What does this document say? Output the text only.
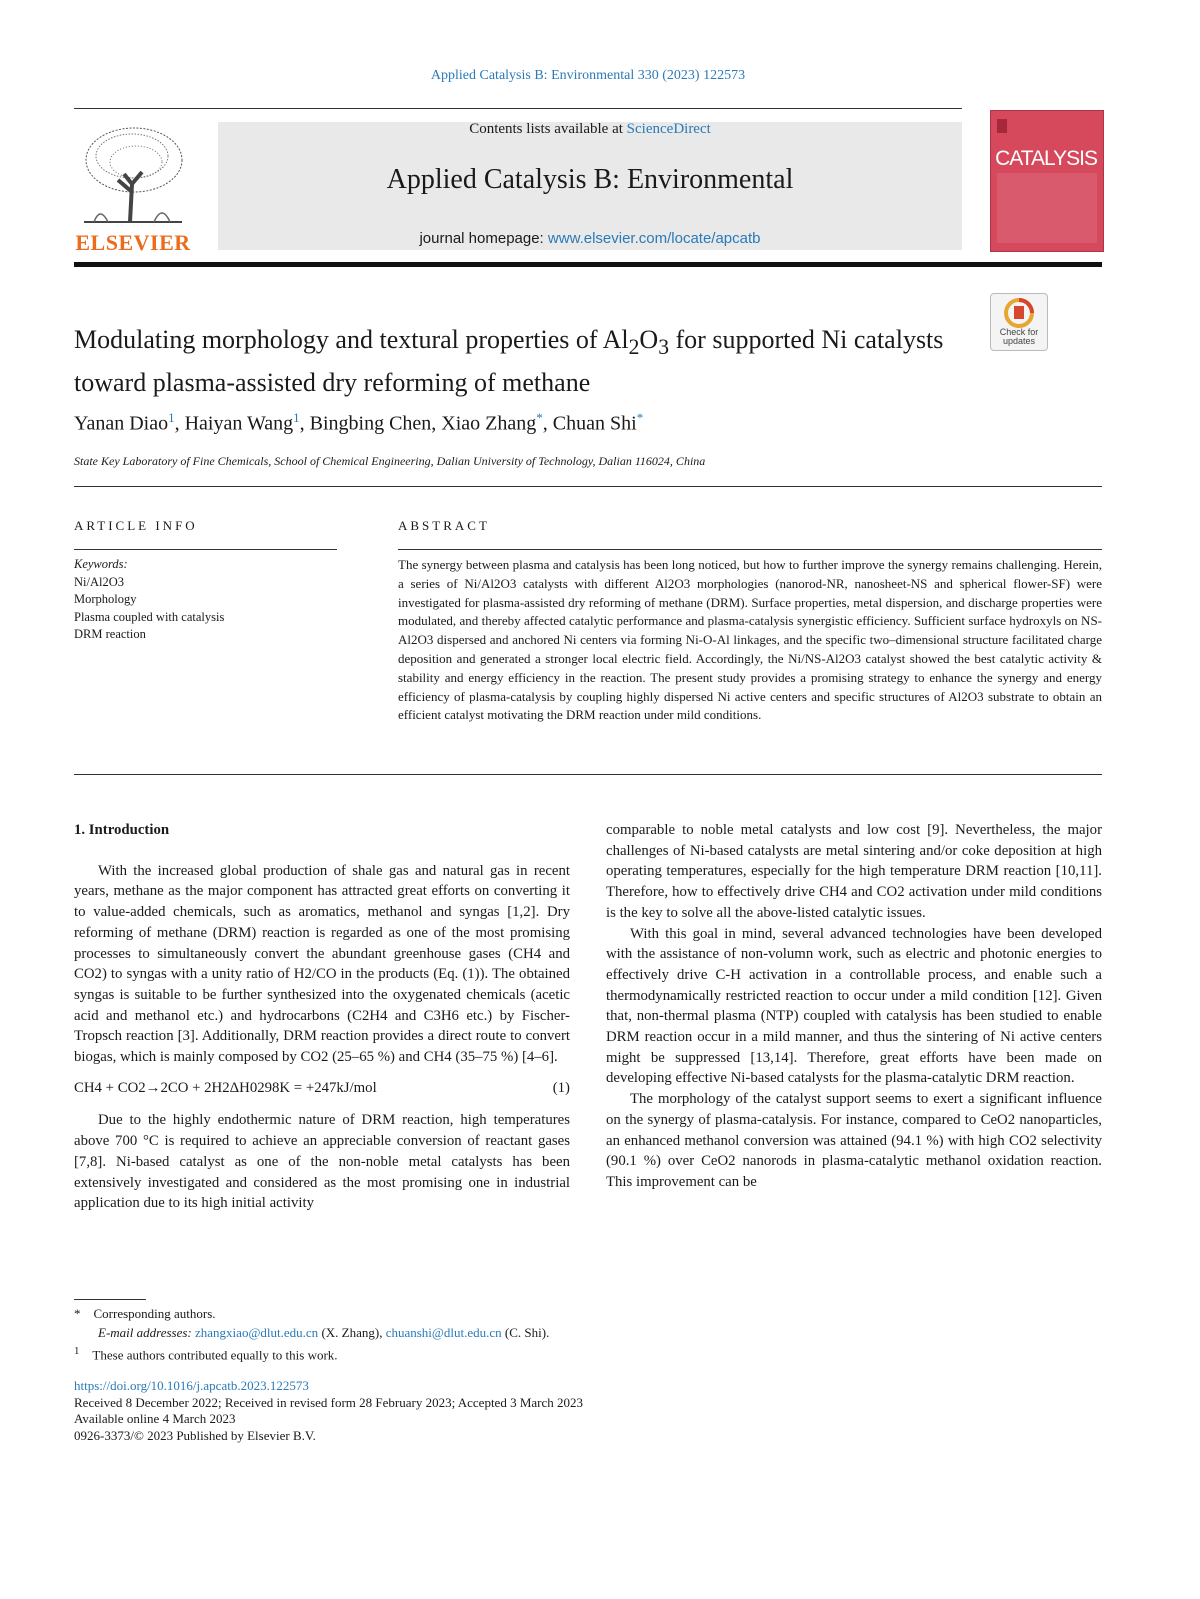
Applied Catalysis B: Environmental 330 (2023) 122573
ELSEVIER
Contents lists available at ScienceDirect
Applied Catalysis B: Environmental
journal homepage: www.elsevier.com/locate/apcatb
CATALYSIS
Check for updates
Modulating morphology and textural properties of $Al_2O_3$ for supported Ni catalysts toward plasma-assisted dry reforming of methane
Yanan Diao$^1$, Haiyan Wang$^1$, Bingbing Chen, Xiao Zhang*, Chuan Shi*
State Key Laboratory of Fine Chemicals, School of Chemical Engineering, Dalian University of Technology, Dalian 116024, China
ARTICLE INFO	ABSTRACT
Keywords:
Ni/Al2O3
Morphology
Plasma coupled with catalysis
DRM reaction
The synergy between plasma and catalysis has been long noticed, but how to further improve the synergy remains challenging. Herein, a series of Ni/Al2O3 catalysts with different Al2O3 morphologies (nanorod-NR, nanosheet-NS and spherical flower-SF) were investigated for plasma-assisted dry reforming of methane (DRM). Surface properties, metal dispersion, and discharge properties were modulated, and thereby affected catalytic performance and plasma-catalysis synergistic efficiency. Sufficient surface hydroxyls on NS-Al2O3 dispersed and anchored Ni centers via forming Ni-O-Al linkages, and the specific two–dimensional structure facilitated charge deposition and generated a stronger local electric field. Accordingly, the Ni/NS-Al2O3 catalyst showed the best catalytic activity & stability and energy efficiency in the reaction. The present study provides a promising strategy to enhance the synergy and energy efficiency of plasma-catalysis by coupling highly dispersed Ni active centers and specific structures of Al2O3 substrate to obtain an efficient catalyst motivating the DRM reaction under mild conditions.

1. Introduction

With the increased global production of shale gas and natural gas in recent years, methane as the major component has attracted great efforts on converting it to value-added chemicals, such as aromatics, methanol and syngas [1,2]. Dry reforming of methane (DRM) reaction is regarded as one of the most promising processes to simultaneously convert the abundant greenhouse gases (CH4 and CO2) to syngas with a unity ratio of H2/CO in the products (Eq. (1)). The obtained syngas is suitable to be further synthesized into the oxygenated chemicals (acetic acid and methanol etc.) and hydrocarbons (C2H4 and C3H6 etc.) by Fischer-Tropsch reaction [3]. Additionally, DRM reaction provides a direct route to convert biogas, which is mainly composed by CO2 (25–65 %) and CH4 (35–75 %) [4–6].

CH4 + CO2→2CO + 2H2ΔH0298K = +247kJ/mol	(1)

Due to the highly endothermic nature of DRM reaction, high temperatures above 700 °C is required to achieve an appreciable conversion of reactant gases [7,8]. Ni-based catalyst as one of the non-noble metal catalysts has been extensively investigated and considered as the most promising one in industrial application due to its high initial activity

comparable to noble metal catalysts and low cost [9]. Nevertheless, the major challenges of Ni-based catalysts are metal sintering and/or coke deposition at high operating temperatures, especially for the high temperature DRM reaction [10,11]. Therefore, how to effectively drive CH4 and CO2 activation under mild conditions is the key to solve all the above-listed catalytic issues.

With this goal in mind, several advanced technologies have been developed with the assistance of non-volumn work, such as electric and photonic energies to effectively drive C-H activation in a controllable process, and enable such a thermodynamically restricted reaction to occur under a mild condition [12]. Given that, non-thermal plasma (NTP) coupled with catalysis has been studied to enable DRM reaction occur in a mild manner, and thus the sintering of Ni active centers might be suppressed [13,14]. Therefore, great efforts have been made on developing effective Ni-based catalysts for the plasma-catalytic DRM reaction.

The morphology of the catalyst support seems to exert a significant influence on the synergy of plasma-catalysis. For instance, compared to CeO2 nanoparticles, an enhanced methanol conversion was attained (94.1 %) with high CO2 selectivity (90.1 %) over CeO2 nanorods in plasma-catalytic methanol oxidation reaction. This improvement can be

* Corresponding authors.
E-mail addresses: zhangxiao@dlut.edu.cn (X. Zhang), chuanshi@dlut.edu.cn (C. Shi).
$^1$ These authors contributed equally to this work.
https://doi.org/10.1016/j.apcatb.2023.122573
Received 8 December 2022; Received in revised form 28 February 2023; Accepted 3 March 2023
Available online 4 March 2023
0926-3373/© 2023 Published by Elsevier B.V.
